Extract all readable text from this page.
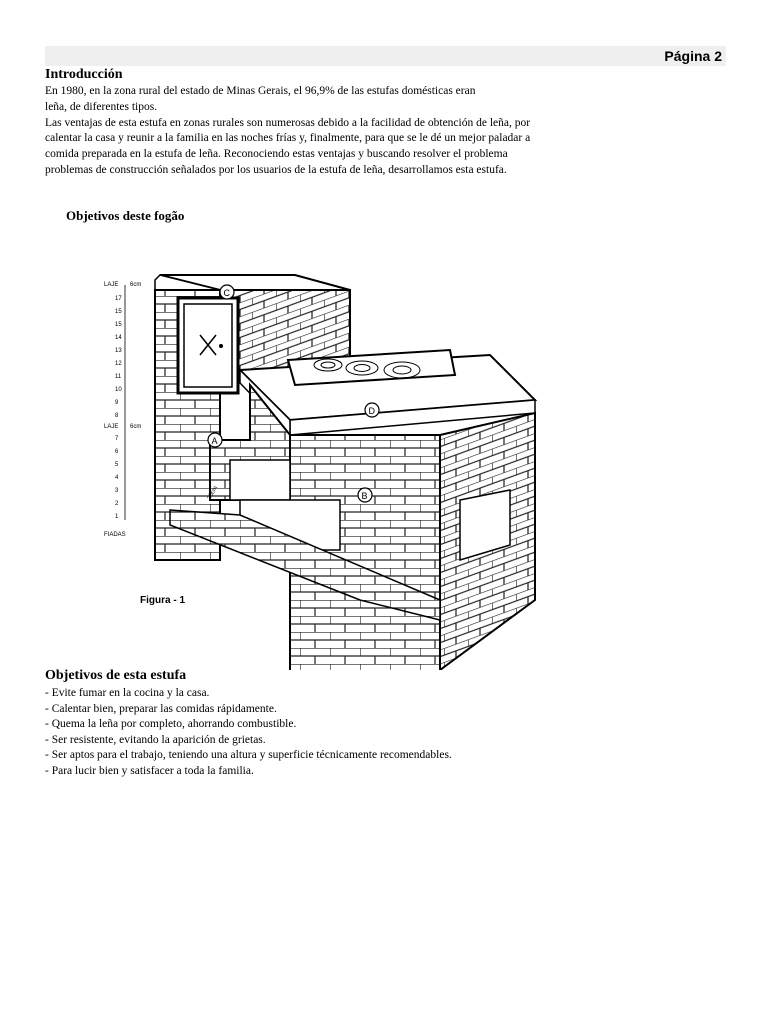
Página 2
Introducción
En 1980, en la zona rural del estado de Minas Gerais, el 96,9% de las estufas domésticas eran
leña, de diferentes tipos.
Las ventajas de esta estufa en zonas rurales son numerosas debido a la facilidad de obtención de leña, por
calentar la casa y reunir a la familia en las noches frías y, finalmente, para que se le dé un mejor paladar a
comida preparada en la estufa de leña. Reconociendo estas ventajas y buscando resolver el problema
problemas de construcción señalados por los usuarios de la estufa de leña, desarrollamos esta estufa.
Objetivos deste fogão
C
A
B
D
LAJE 6cm
LAJE 6cm
17
15
15
14
13
12
11
10
9
8
7
6
5
4
3
2
1
FIADAS
20cm
Figura - 1
Objetivos de esta estufa
- Evite fumar en la cocina y la casa.
- Calentar bien, preparar las comidas rápidamente.
- Quema la leña por completo, ahorrando combustible.
- Ser resistente, evitando la aparición de grietas.
- Ser aptos para el trabajo, teniendo una altura y superficie técnicamente recomendables.
- Para lucir bien y satisfacer a toda la familia.
